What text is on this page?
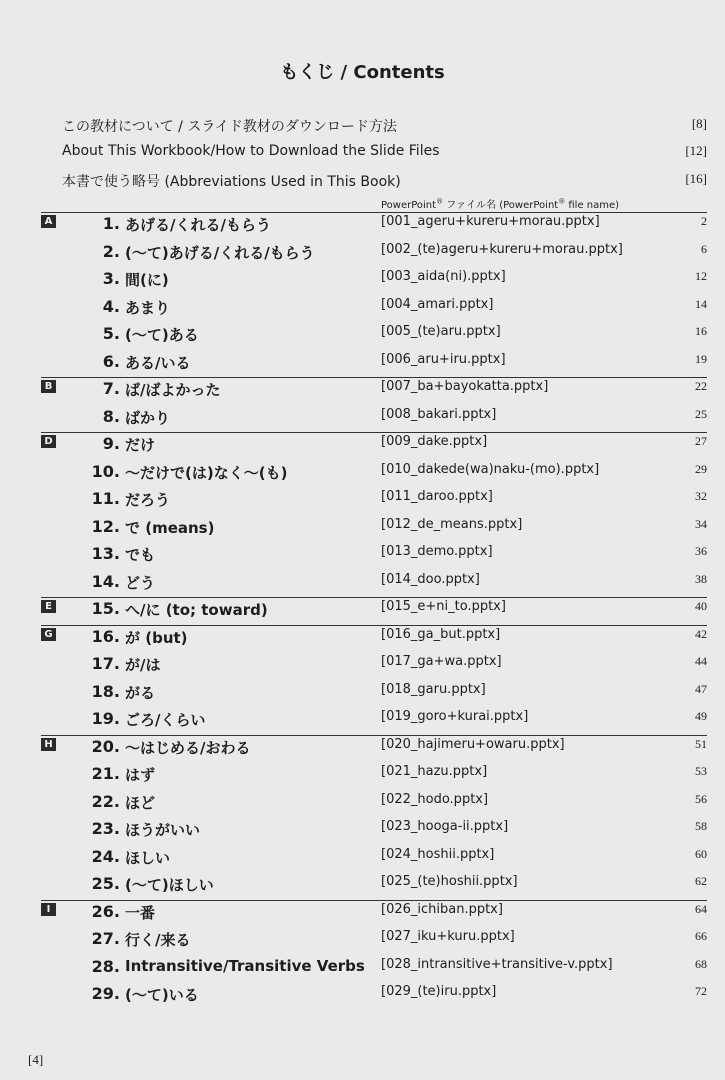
もくじ / Contents
この教材について / スライド教材のダウンロード方法	[8]
About This Workbook/How to Download the Slide Files	[12]
本書で使う略号 (Abbreviations Used in This Book)	[16]
PowerPoint® ファイル名 (PowerPoint® file name)
A	1. あげる/くれる/もらう	[001_ageru+kureru+morau.pptx]	2
2. (〜て)あげる/くれる/もらう	[002_(te)ageru+kureru+morau.pptx]	6
3. 間(に)	[003_aida(ni).pptx]	12
4. あまり	[004_amari.pptx]	14
5. (〜て)ある	[005_(te)aru.pptx]	16
6. ある/いる	[006_aru+iru.pptx]	19
B	7. ば/ばよかった	[007_ba+bayokatta.pptx]	22
8. ばかり	[008_bakari.pptx]	25
D	9. だけ	[009_dake.pptx]	27
10. 〜だけで(は)なく〜(も)	[010_dakede(wa)naku-(mo).pptx]	29
11. だろう	[011_daroo.pptx]	32
12. で (means)	[012_de_means.pptx]	34
13. でも	[013_demo.pptx]	36
14. どう	[014_doo.pptx]	38
E	15. へ/に (to; toward)	[015_e+ni_to.pptx]	40
G	16. が (but)	[016_ga_but.pptx]	42
17. が/は	[017_ga+wa.pptx]	44
18. がる	[018_garu.pptx]	47
19. ごろ/くらい	[019_goro+kurai.pptx]	49
H	20. 〜はじめる/おわる	[020_hajimeru+owaru.pptx]	51
21. はず	[021_hazu.pptx]	53
22. ほど	[022_hodo.pptx]	56
23. ほうがいい	[023_hooga-ii.pptx]	58
24. ほしい	[024_hoshii.pptx]	60
25. (〜て)ほしい	[025_(te)hoshii.pptx]	62
I	26. 一番	[026_ichiban.pptx]	64
27. 行く/来る	[027_iku+kuru.pptx]	66
28. Intransitive/Transitive Verbs [028_intransitive+transitive-v.pptx]	68
29. (〜て)いる	[029_(te)iru.pptx]	72
[4]
